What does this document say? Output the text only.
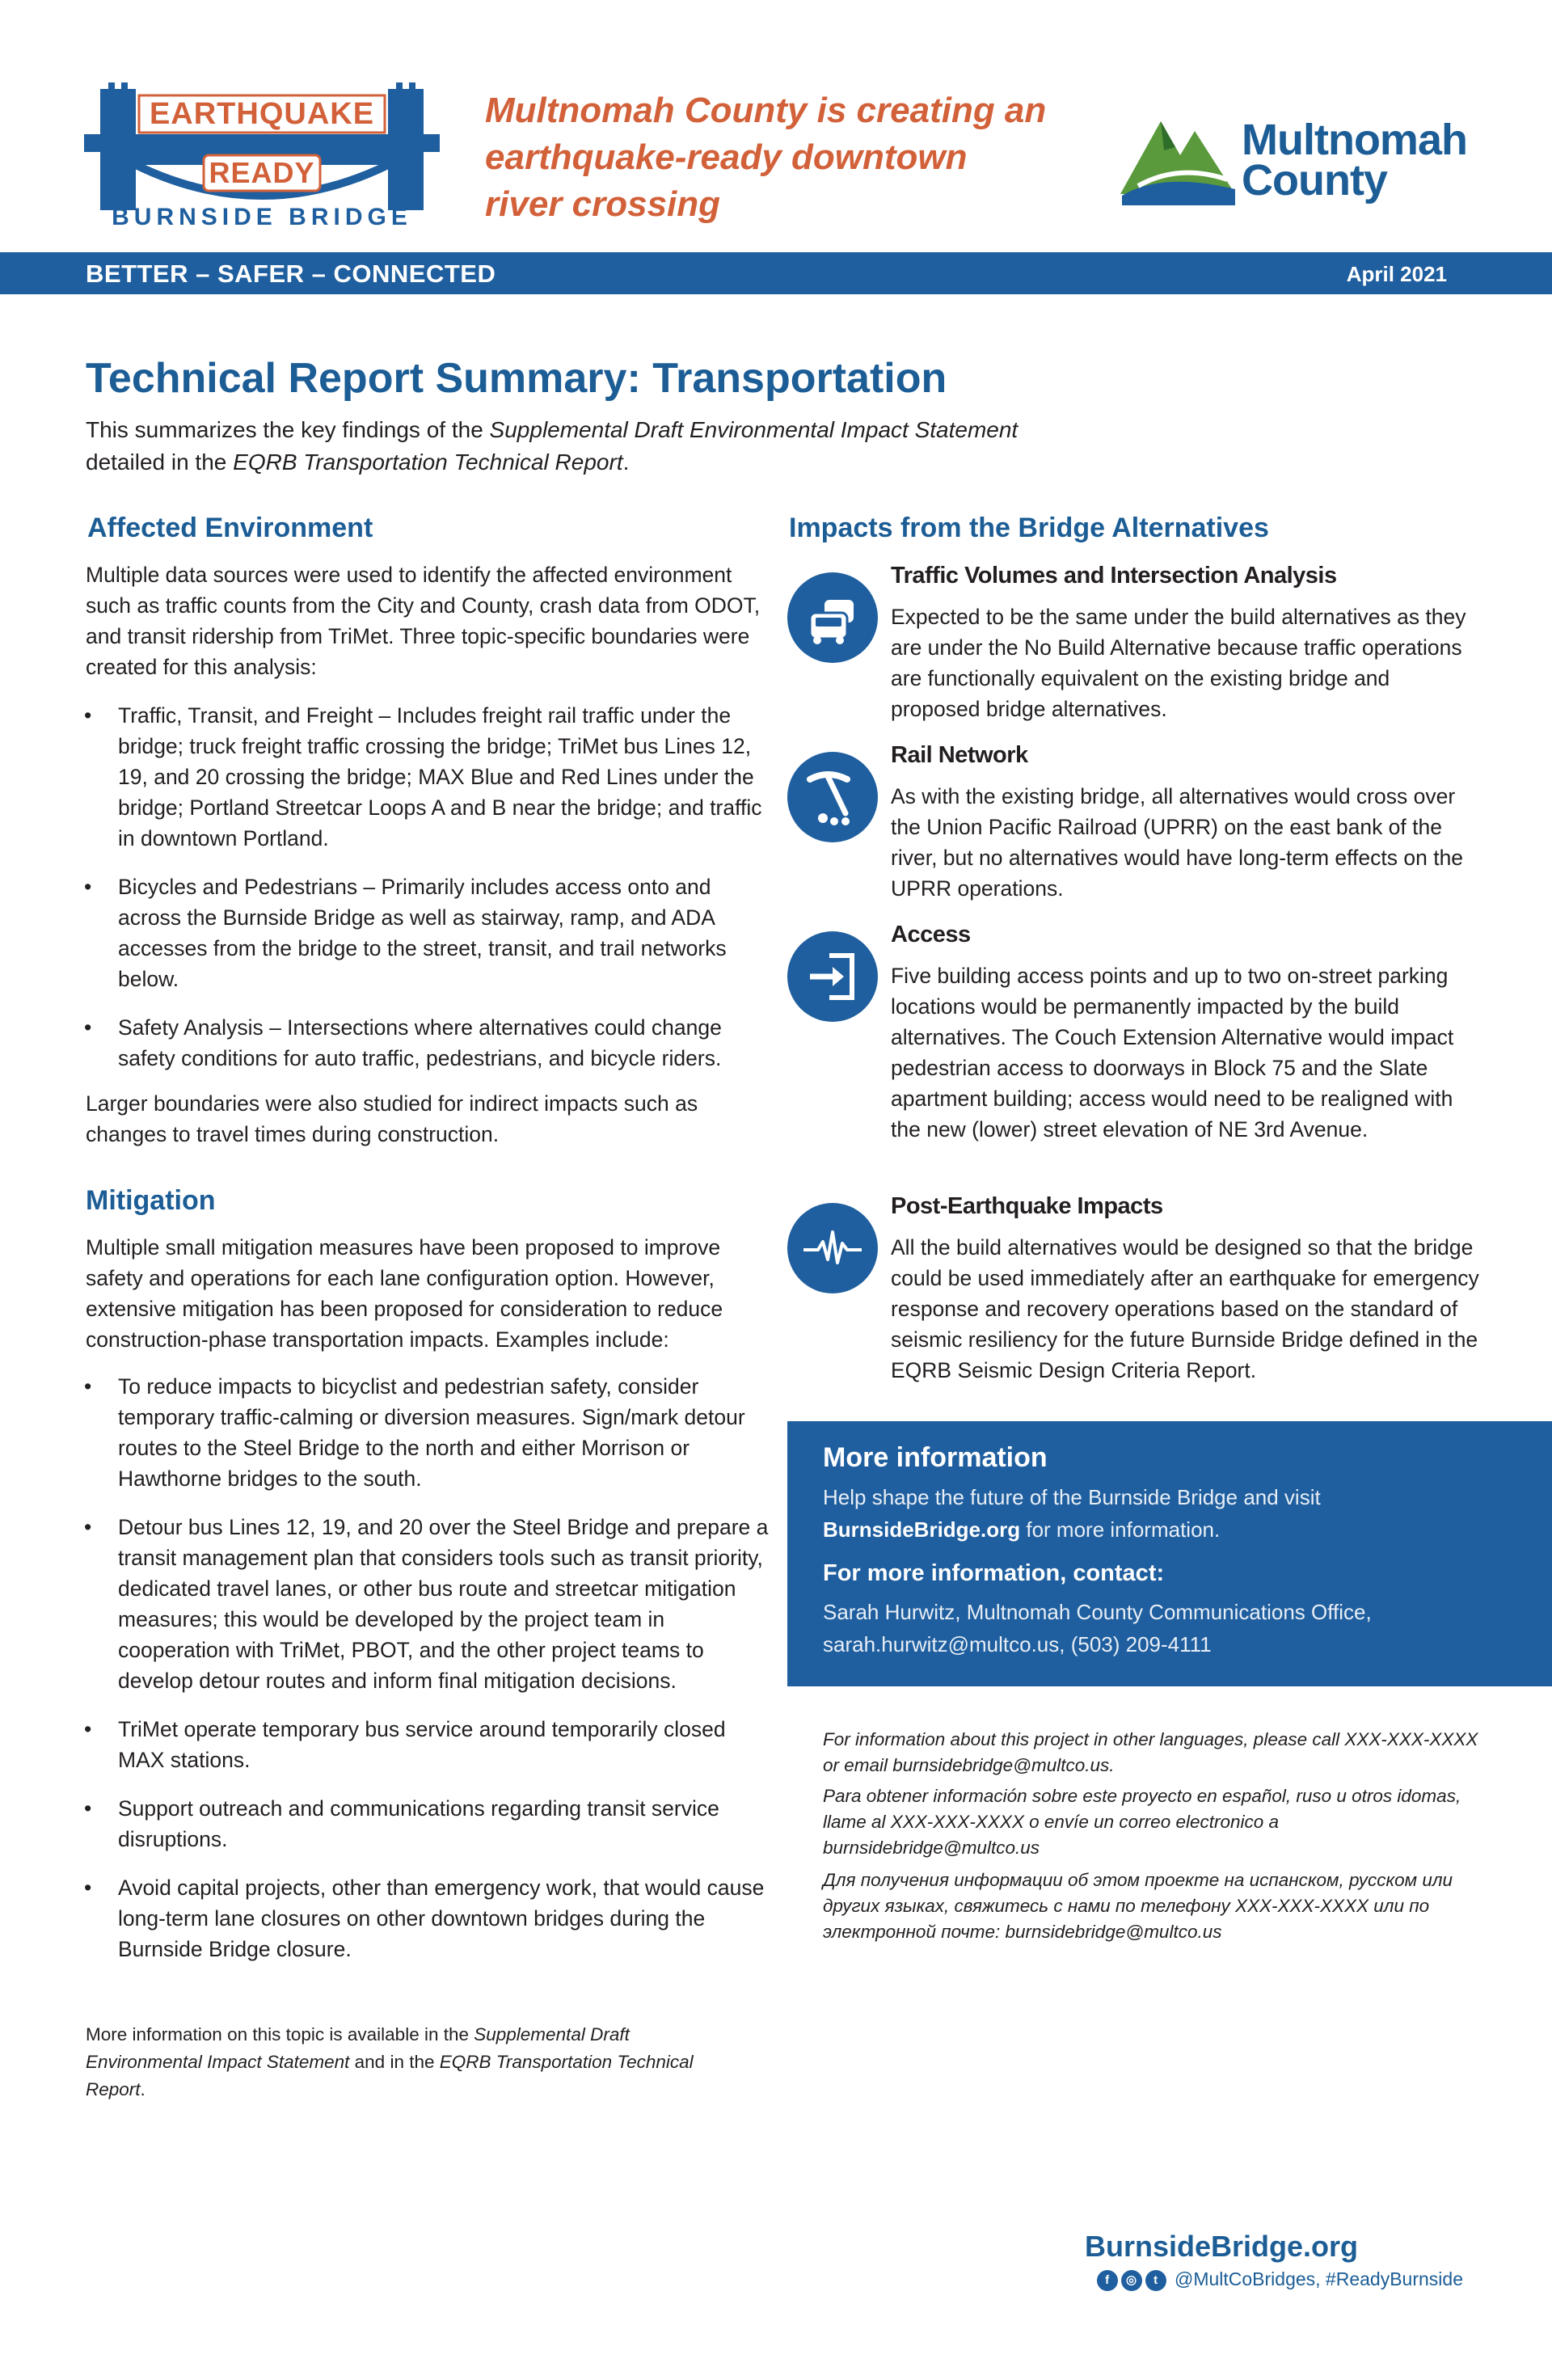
EARTHQUAKE
READY
BURNSIDE BRIDGE
Multnomah County is creating an earthquake-ready downtown river crossing
Multnomah
County
BETTER – SAFER – CONNECTED	April 2021
Technical Report Summary: Transportation
This summarizes the key findings of the Supplemental Draft Environmental Impact Statement
detailed in the EQRB Transportation Technical Report.
Affected Environment
Multiple data sources were used to identify the affected environment such as traffic counts from the City and County, crash data from ODOT, and transit ridership from TriMet. Three topic-specific boundaries were created for this analysis:
• Traffic, Transit, and Freight – Includes freight rail traffic under the bridge; truck freight traffic crossing the bridge; TriMet bus Lines 12, 19, and 20 crossing the bridge; MAX Blue and Red Lines under the bridge; Portland Streetcar Loops A and B near the bridge; and traffic in downtown Portland.
• Bicycles and Pedestrians – Primarily includes access onto and across the Burnside Bridge as well as stairway, ramp, and ADA accesses from the bridge to the street, transit, and trail networks below.
• Safety Analysis – Intersections where alternatives could change safety conditions for auto traffic, pedestrians, and bicycle riders.
Larger boundaries were also studied for indirect impacts such as changes to travel times during construction.
Mitigation
Multiple small mitigation measures have been proposed to improve safety and operations for each lane configuration option. However, extensive mitigation has been proposed for consideration to reduce construction-phase transportation impacts. Examples include:
• To reduce impacts to bicyclist and pedestrian safety, consider temporary traffic-calming or diversion measures. Sign/mark detour routes to the Steel Bridge to the north and either Morrison or Hawthorne bridges to the south.
• Detour bus Lines 12, 19, and 20 over the Steel Bridge and prepare a transit management plan that considers tools such as transit priority, dedicated travel lanes, or other bus route and streetcar mitigation measures; this would be developed by the project team in cooperation with TriMet, PBOT, and the other project teams to develop detour routes and inform final mitigation decisions.
• TriMet operate temporary bus service around temporarily closed MAX stations.
• Support outreach and communications regarding transit service disruptions.
• Avoid capital projects, other than emergency work, that would cause long-term lane closures on other downtown bridges during the Burnside Bridge closure.
More information on this topic is available in the Supplemental Draft Environmental Impact Statement and in the EQRB Transportation Technical Report.
Impacts from the Bridge Alternatives
Traffic Volumes and Intersection Analysis
Expected to be the same under the build alternatives as they are under the No Build Alternative because traffic operations are functionally equivalent on the existing bridge and proposed bridge alternatives.
Rail Network
As with the existing bridge, all alternatives would cross over the Union Pacific Railroad (UPRR) on the east bank of the river, but no alternatives would have long-term effects on the UPRR operations.
Access
Five building access points and up to two on-street parking locations would be permanently impacted by the build alternatives. The Couch Extension Alternative would impact pedestrian access to doorways in Block 75 and the Slate apartment building; access would need to be realigned with the new (lower) street elevation of NE 3rd Avenue.
Post-Earthquake Impacts
All the build alternatives would be designed so that the bridge could be used immediately after an earthquake for emergency response and recovery operations based on the standard of seismic resiliency for the future Burnside Bridge defined in the EQRB Seismic Design Criteria Report.
More information
Help shape the future of the Burnside Bridge and visit
BurnsideBridge.org for more information.
For more information, contact:
Sarah Hurwitz, Multnomah County Communications Office,
sarah.hurwitz@multco.us, (503) 209-4111
For information about this project in other languages, please call XXX-XXX-XXXX or email burnsidebridge@multco.us.
Para obtener información sobre este proyecto en español, ruso u otros idomas, llame al XXX-XXX-XXXX o envíe un correo electronico a burnsidebridge@multco.us
Для получения информации об этом проекте на испанском, русском или других языках, свяжитесь с нами по телефону XXX-XXX-XXXX или по электронной почте: burnsidebridge@multco.us
BurnsideBridge.org
f ◎ t @MultCoBridges, #ReadyBurnside
